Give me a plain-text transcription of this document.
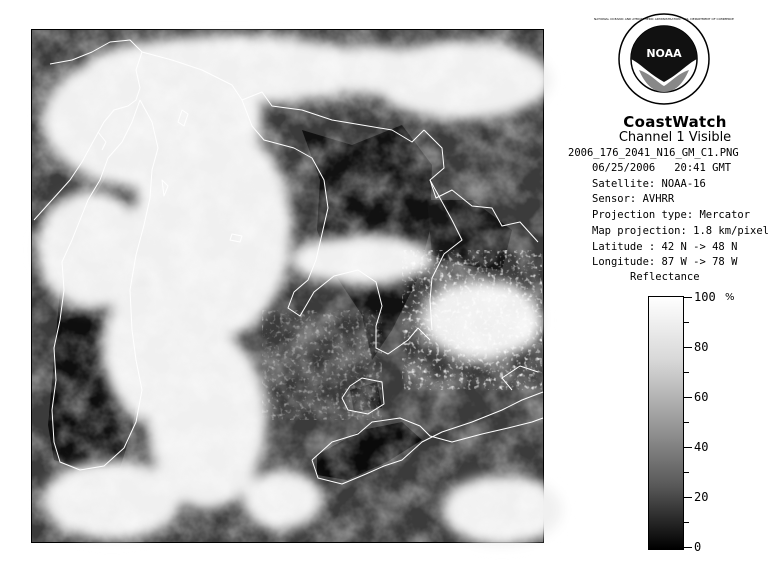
NOAA
NATIONAL OCEANIC AND ATMOSPHERIC ADMINISTRATION · U.S. DEPARTMENT OF COMMERCE
CoastWatch
Channel 1 Visible
2006_176_2041_N16_GM_C1.PNG
06/25/2006 20:41 GMT
Satellite: NOAA-16
Sensor: AVHRR
Projection type: Mercator
Map projection: 1.8 km/pixel
Latitude : 42 N -> 48 N
Longitude: 87 W -> 78 W
Reflectance
%
100
80
60
40
20
0
